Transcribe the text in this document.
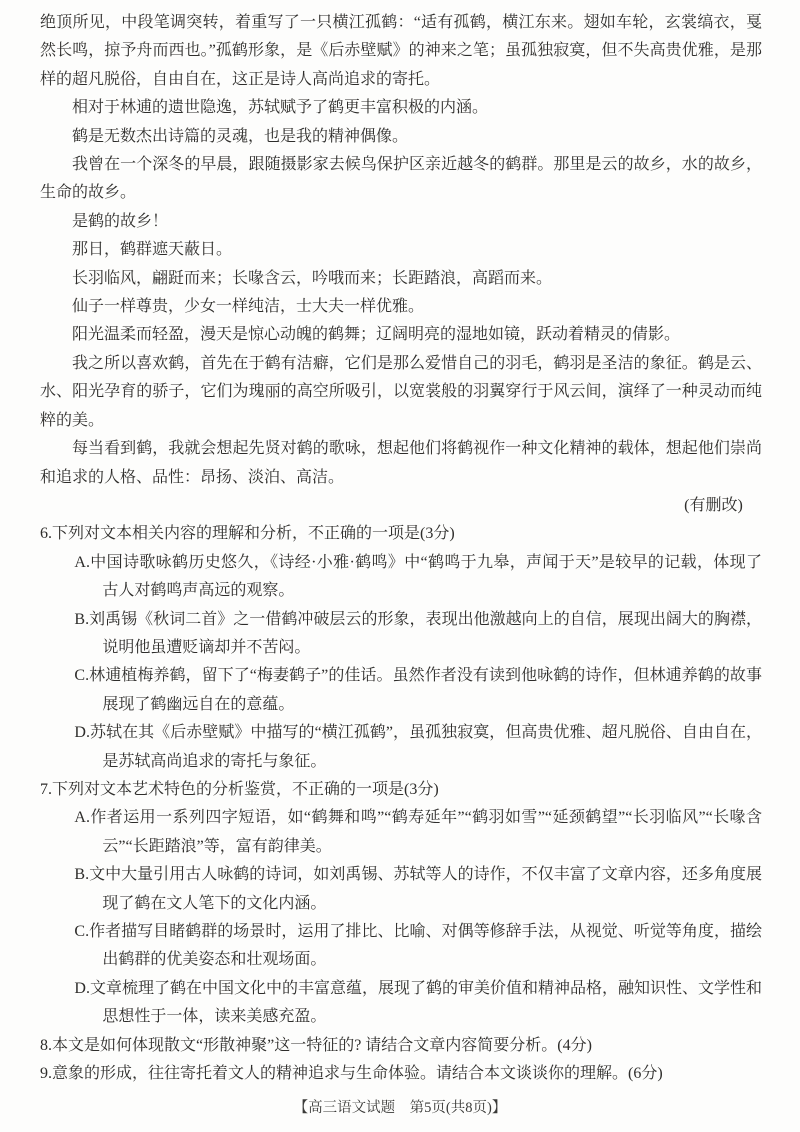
绝顶所见，中段笔调突转，着重写了一只横江孤鹤：“适有孤鹤，横江东来。翅如车轮，玄裳缟衣，戛然长鸣，掠予舟而西也。”孤鹤形象，是《后赤壁赋》的神来之笔；虽孤独寂寞，但不失高贵优雅，是那样的超凡脱俗，自由自在，这正是诗人高尚追求的寄托。

相对于林逋的遗世隐逸，苏轼赋予了鹤更丰富积极的内涵。

鹤是无数杰出诗篇的灵魂，也是我的精神偶像。

我曾在一个深冬的早晨，跟随摄影家去候鸟保护区亲近越冬的鹤群。那里是云的故乡，水的故乡，生命的故乡。

是鹤的故乡！

那日，鹤群遮天蔽日。

长羽临风，翩跹而来；长喙含云，吟哦而来；长距踏浪，高蹈而来。

仙子一样尊贵，少女一样纯洁，士大夫一样优雅。

阳光温柔而轻盈，漫天是惊心动魄的鹤舞；辽阔明亮的湿地如镜，跃动着精灵的倩影。

我之所以喜欢鹤，首先在于鹤有洁癖，它们是那么爱惜自己的羽毛，鹤羽是圣洁的象征。鹤是云、水、阳光孕育的骄子，它们为瑰丽的高空所吸引，以宽裳般的羽翼穿行于风云间，演绎了一种灵动而纯粹的美。

每当看到鹤，我就会想起先贤对鹤的歌咏，想起他们将鹤视作一种文化精神的载体，想起他们崇尚和追求的人格、品性：昂扬、淡泊、高洁。

(有删改)

6.下列对文本相关内容的理解和分析，不正确的一项是(3分)

A.中国诗歌咏鹤历史悠久，《诗经·小雅·鹤鸣》中“鹤鸣于九皋，声闻于天”是较早的记载，体现了古人对鹤鸣声高远的观察。

B.刘禹锡《秋词二首》之一借鹤冲破层云的形象，表现出他激越向上的自信，展现出阔大的胸襟，说明他虽遭贬谪却并不苦闷。

C.林逋植梅养鹤，留下了“梅妻鹤子”的佳话。虽然作者没有读到他咏鹤的诗作，但林逋养鹤的故事展现了鹤幽远自在的意蕴。

D.苏轼在其《后赤壁赋》中描写的“横江孤鹤”，虽孤独寂寞，但高贵优雅、超凡脱俗、自由自在，是苏轼高尚追求的寄托与象征。

7.下列对文本艺术特色的分析鉴赏，不正确的一项是(3分)

A.作者运用一系列四字短语，如“鹤舞和鸣”“鹤寿延年”“鹤羽如雪”“延颈鹤望”“长羽临风”“长喙含云”“长距踏浪”等，富有韵律美。

B.文中大量引用古人咏鹤的诗词，如刘禹锡、苏轼等人的诗作，不仅丰富了文章内容，还多角度展现了鹤在文人笔下的文化内涵。

C.作者描写目睹鹤群的场景时，运用了排比、比喻、对偶等修辞手法，从视觉、听觉等角度，描绘出鹤群的优美姿态和壮观场面。

D.文章梳理了鹤在中国文化中的丰富意蕴，展现了鹤的审美价值和精神品格，融知识性、文学性和思想性于一体，读来美感充盈。

8.本文是如何体现散文“形散神聚”这一特征的? 请结合文章内容简要分析。(4分)

9.意象的形成，往往寄托着文人的精神追求与生命体验。请结合本文谈谈你的理解。(6分)

【高三语文试题　第5页(共8页)】
